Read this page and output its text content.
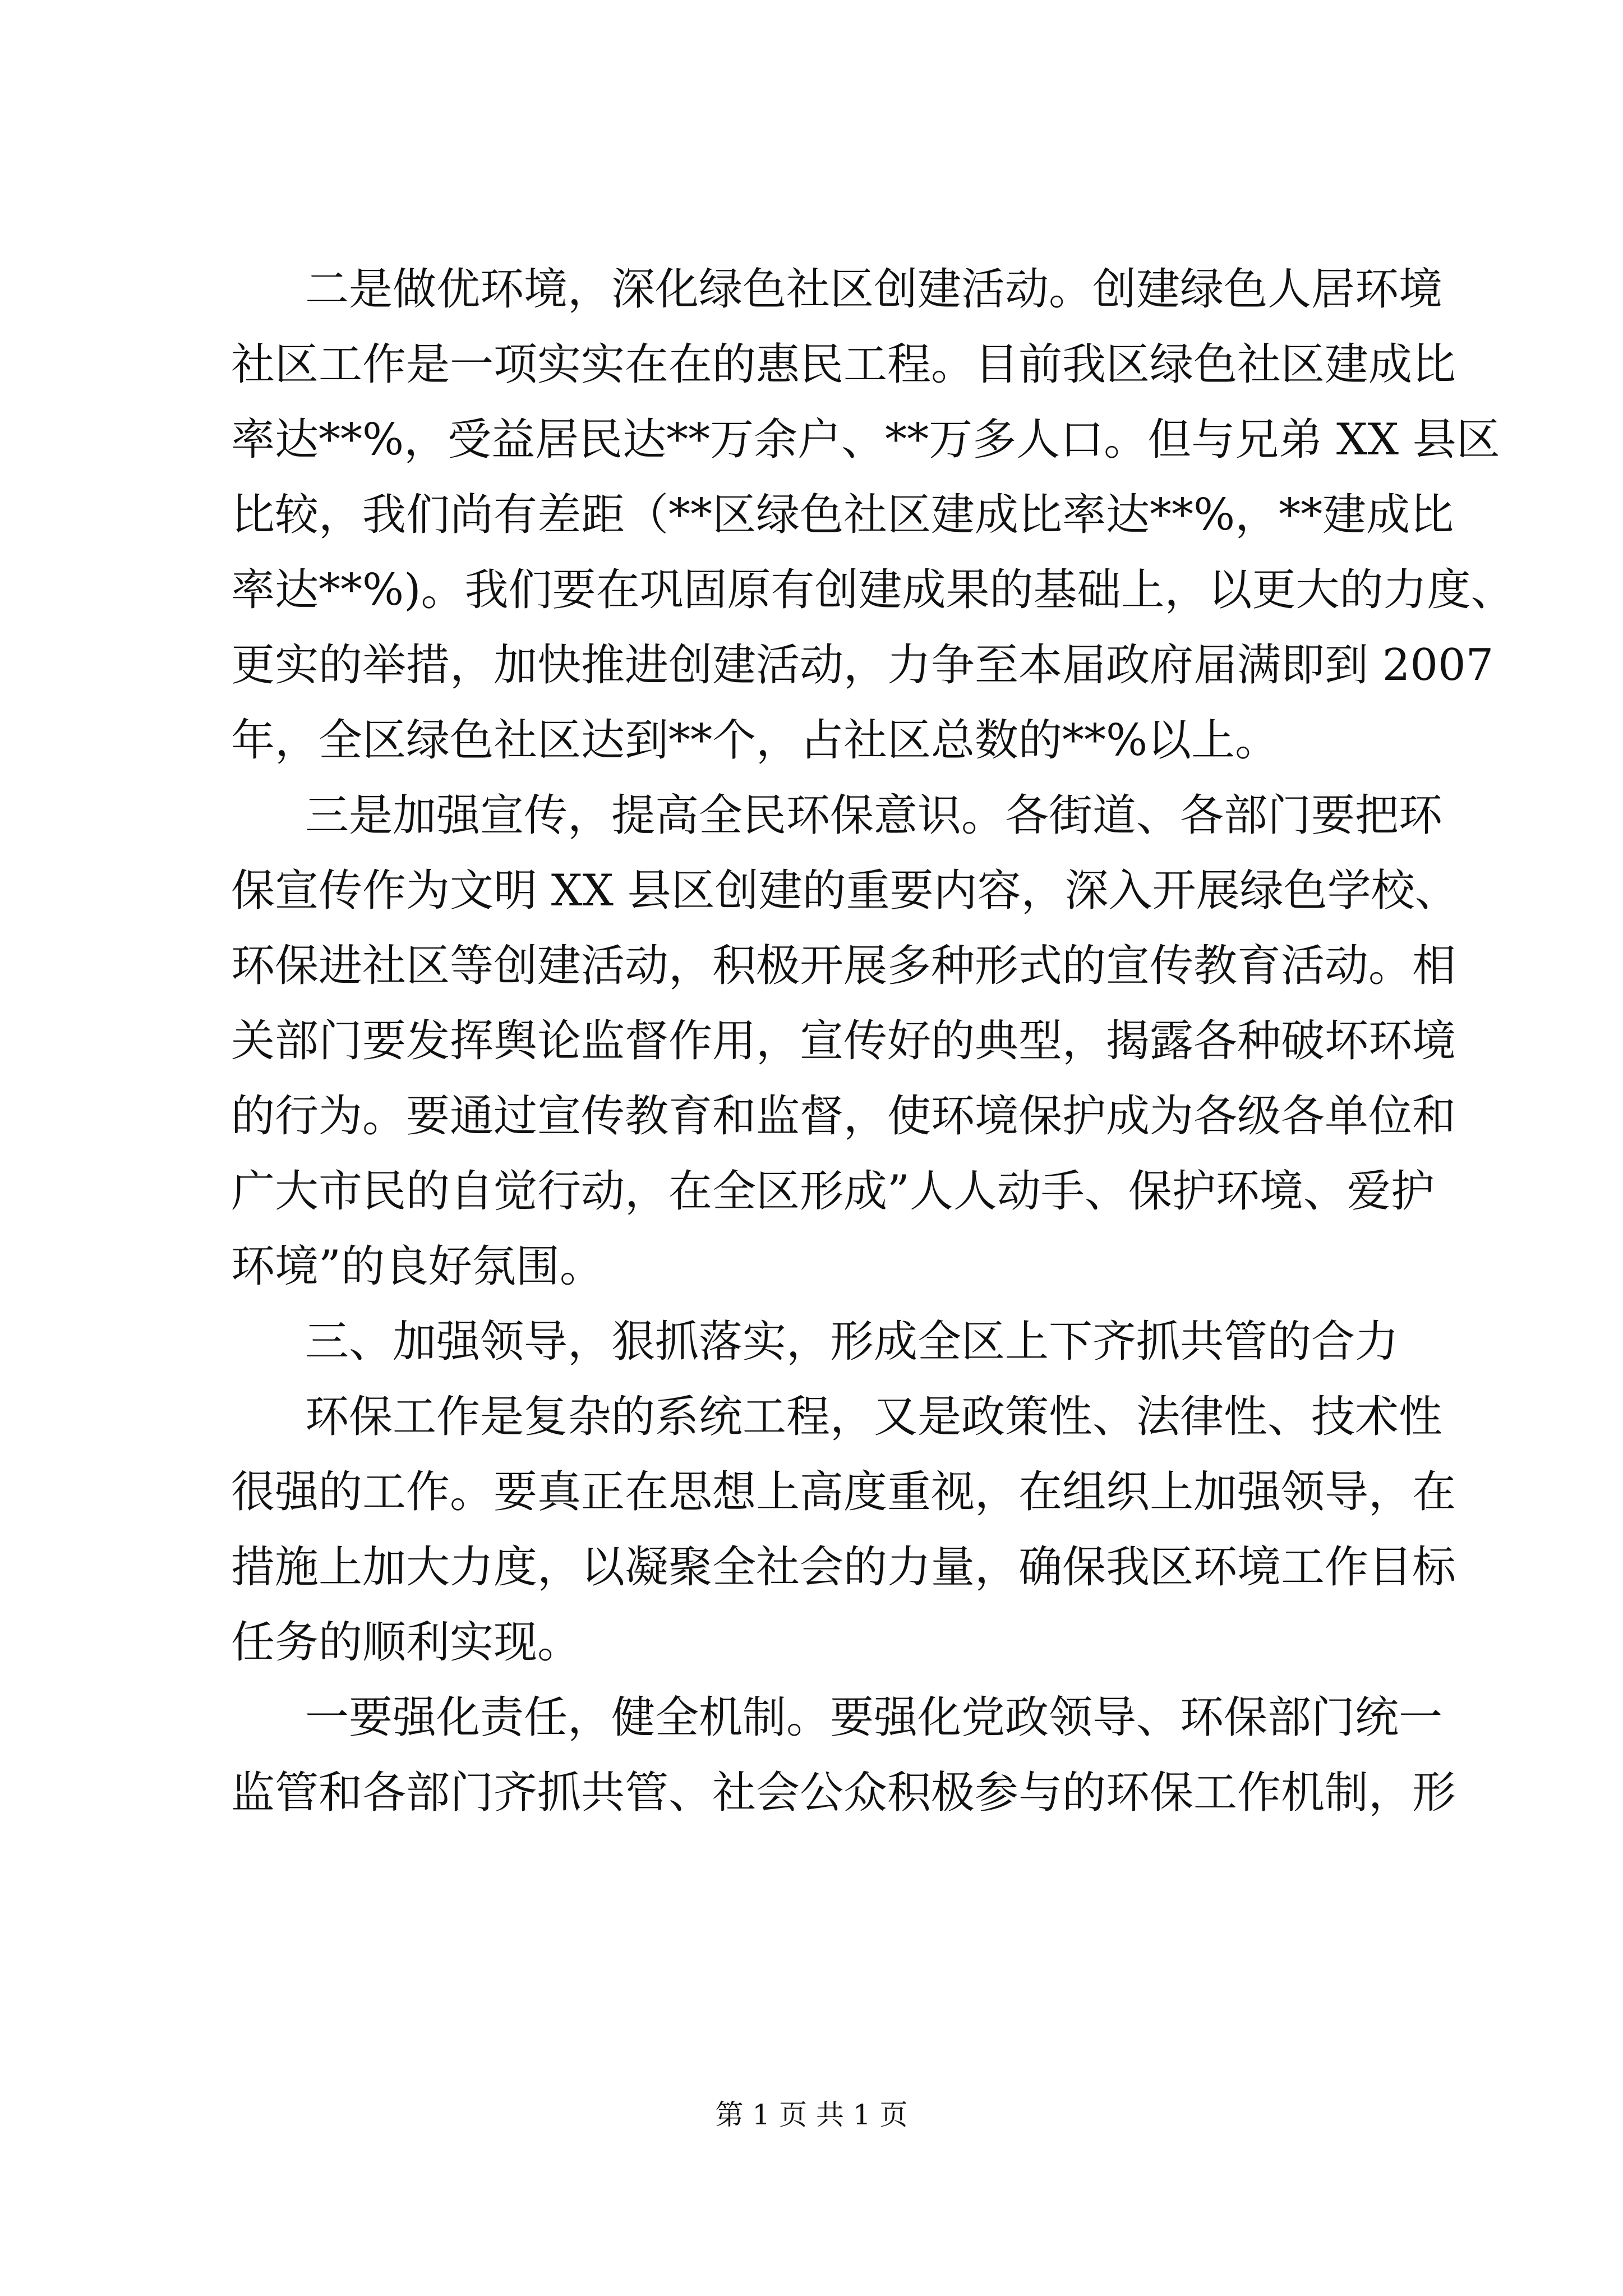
二是做优环境，深化绿色社区创建活动。创建绿色人居环境
社区工作是一项实实在在的惠民工程。目前我区绿色社区建成比
率达**%，受益居民达**万余户、**万多人口。但与兄弟 XX 县区
比较，我们尚有差距（**区绿色社区建成比率达**%，**建成比
率达**%)。我们要在巩固原有创建成果的基础上，以更大的力度、
更实的举措，加快推进创建活动，力争至本届政府届满即到 2007
年，全区绿色社区达到**个，占社区总数的**%以上。
三是加强宣传，提高全民环保意识。各街道、各部门要把环
保宣传作为文明 XX 县区创建的重要内容，深入开展绿色学校、
环保进社区等创建活动，积极开展多种形式的宣传教育活动。相
关部门要发挥舆论监督作用，宣传好的典型，揭露各种破坏环境
的行为。要通过宣传教育和监督，使环境保护成为各级各单位和
广大市民的自觉行动，在全区形成”人人动手、保护环境、爱护
环境”的良好氛围。
三、加强领导，狠抓落实，形成全区上下齐抓共管的合力
环保工作是复杂的系统工程，又是政策性、法律性、技术性
很强的工作。要真正在思想上高度重视，在组织上加强领导，在
措施上加大力度，以凝聚全社会的力量，确保我区环境工作目标
任务的顺利实现。
一要强化责任，健全机制。要强化党政领导、环保部门统一
监管和各部门齐抓共管、社会公众积极参与的环保工作机制，形
第 1 页 共 1 页
